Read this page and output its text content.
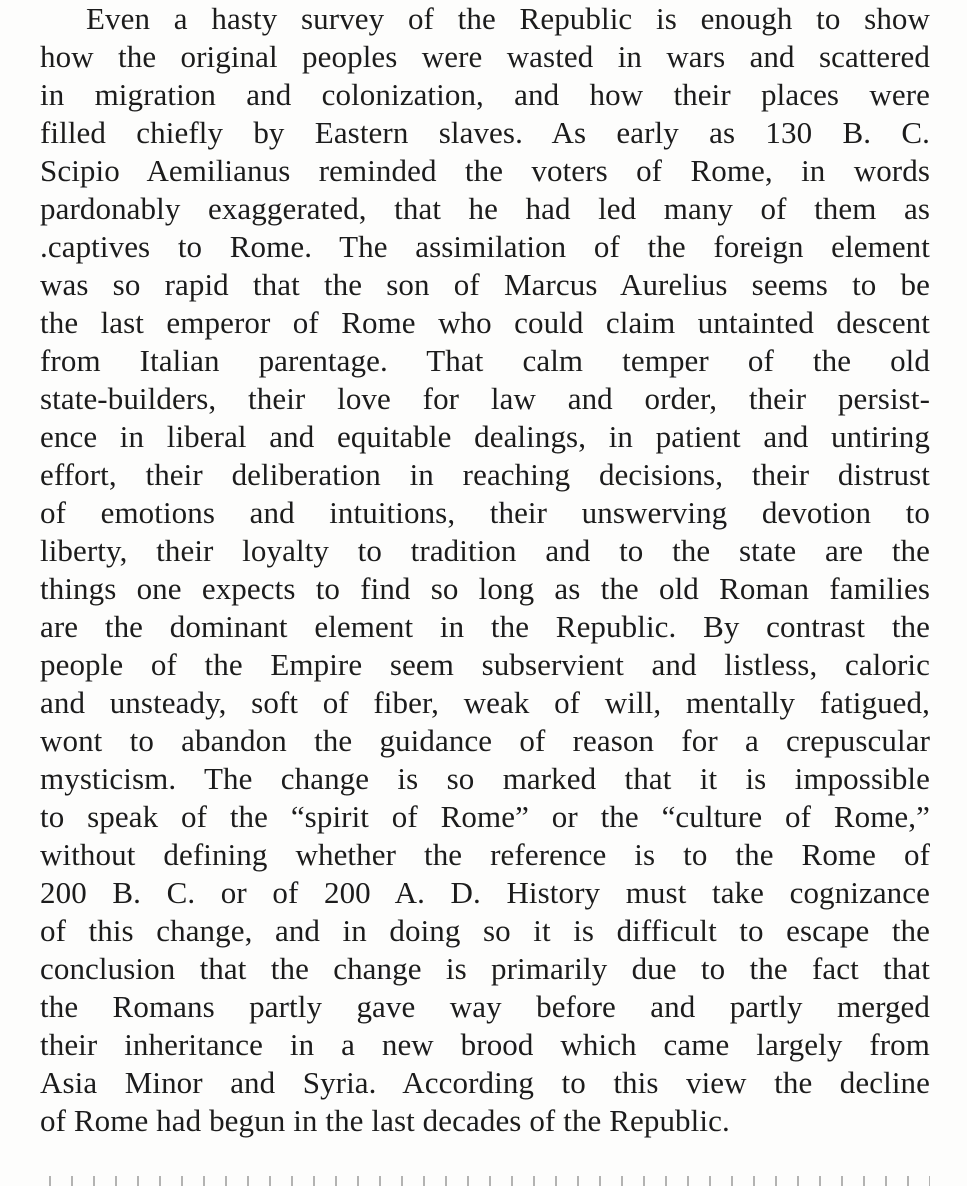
Even a hasty survey of the Republic is enough to show
how the original peoples were wasted in wars and scattered
in migration and colonization, and how their places were
filled chiefly by Eastern slaves. As early as 130 B. C.
Scipio Aemilianus reminded the voters of Rome, in words
pardonably exaggerated, that he had led many of them as
.captives to Rome. The assimilation of the foreign element
was so rapid that the son of Marcus Aurelius seems to be
the last emperor of Rome who could claim untainted descent
from Italian parentage. That calm temper of the old
state-builders, their love for law and order, their persist-
ence in liberal and equitable dealings, in patient and untiring
effort, their deliberation in reaching decisions, their distrust
of emotions and intuitions, their unswerving devotion to
liberty, their loyalty to tradition and to the state are the
things one expects to find so long as the old Roman families
are the dominant element in the Republic. By contrast the
people of the Empire seem subservient and listless, caloric
and unsteady, soft of fiber, weak of will, mentally fatigued,
wont to abandon the guidance of reason for a crepuscular
mysticism. The change is so marked that it is impossible
to speak of the “spirit of Rome” or the “culture of Rome,”
without defining whether the reference is to the Rome of
200 B. C. or of 200 A. D. History must take cognizance
of this change, and in doing so it is difficult to escape the
conclusion that the change is primarily due to the fact that
the Romans partly gave way before and partly merged
their inheritance in a new brood which came largely from
Asia Minor and Syria. According to this view the decline
of Rome had begun in the last decades of the Republic.
